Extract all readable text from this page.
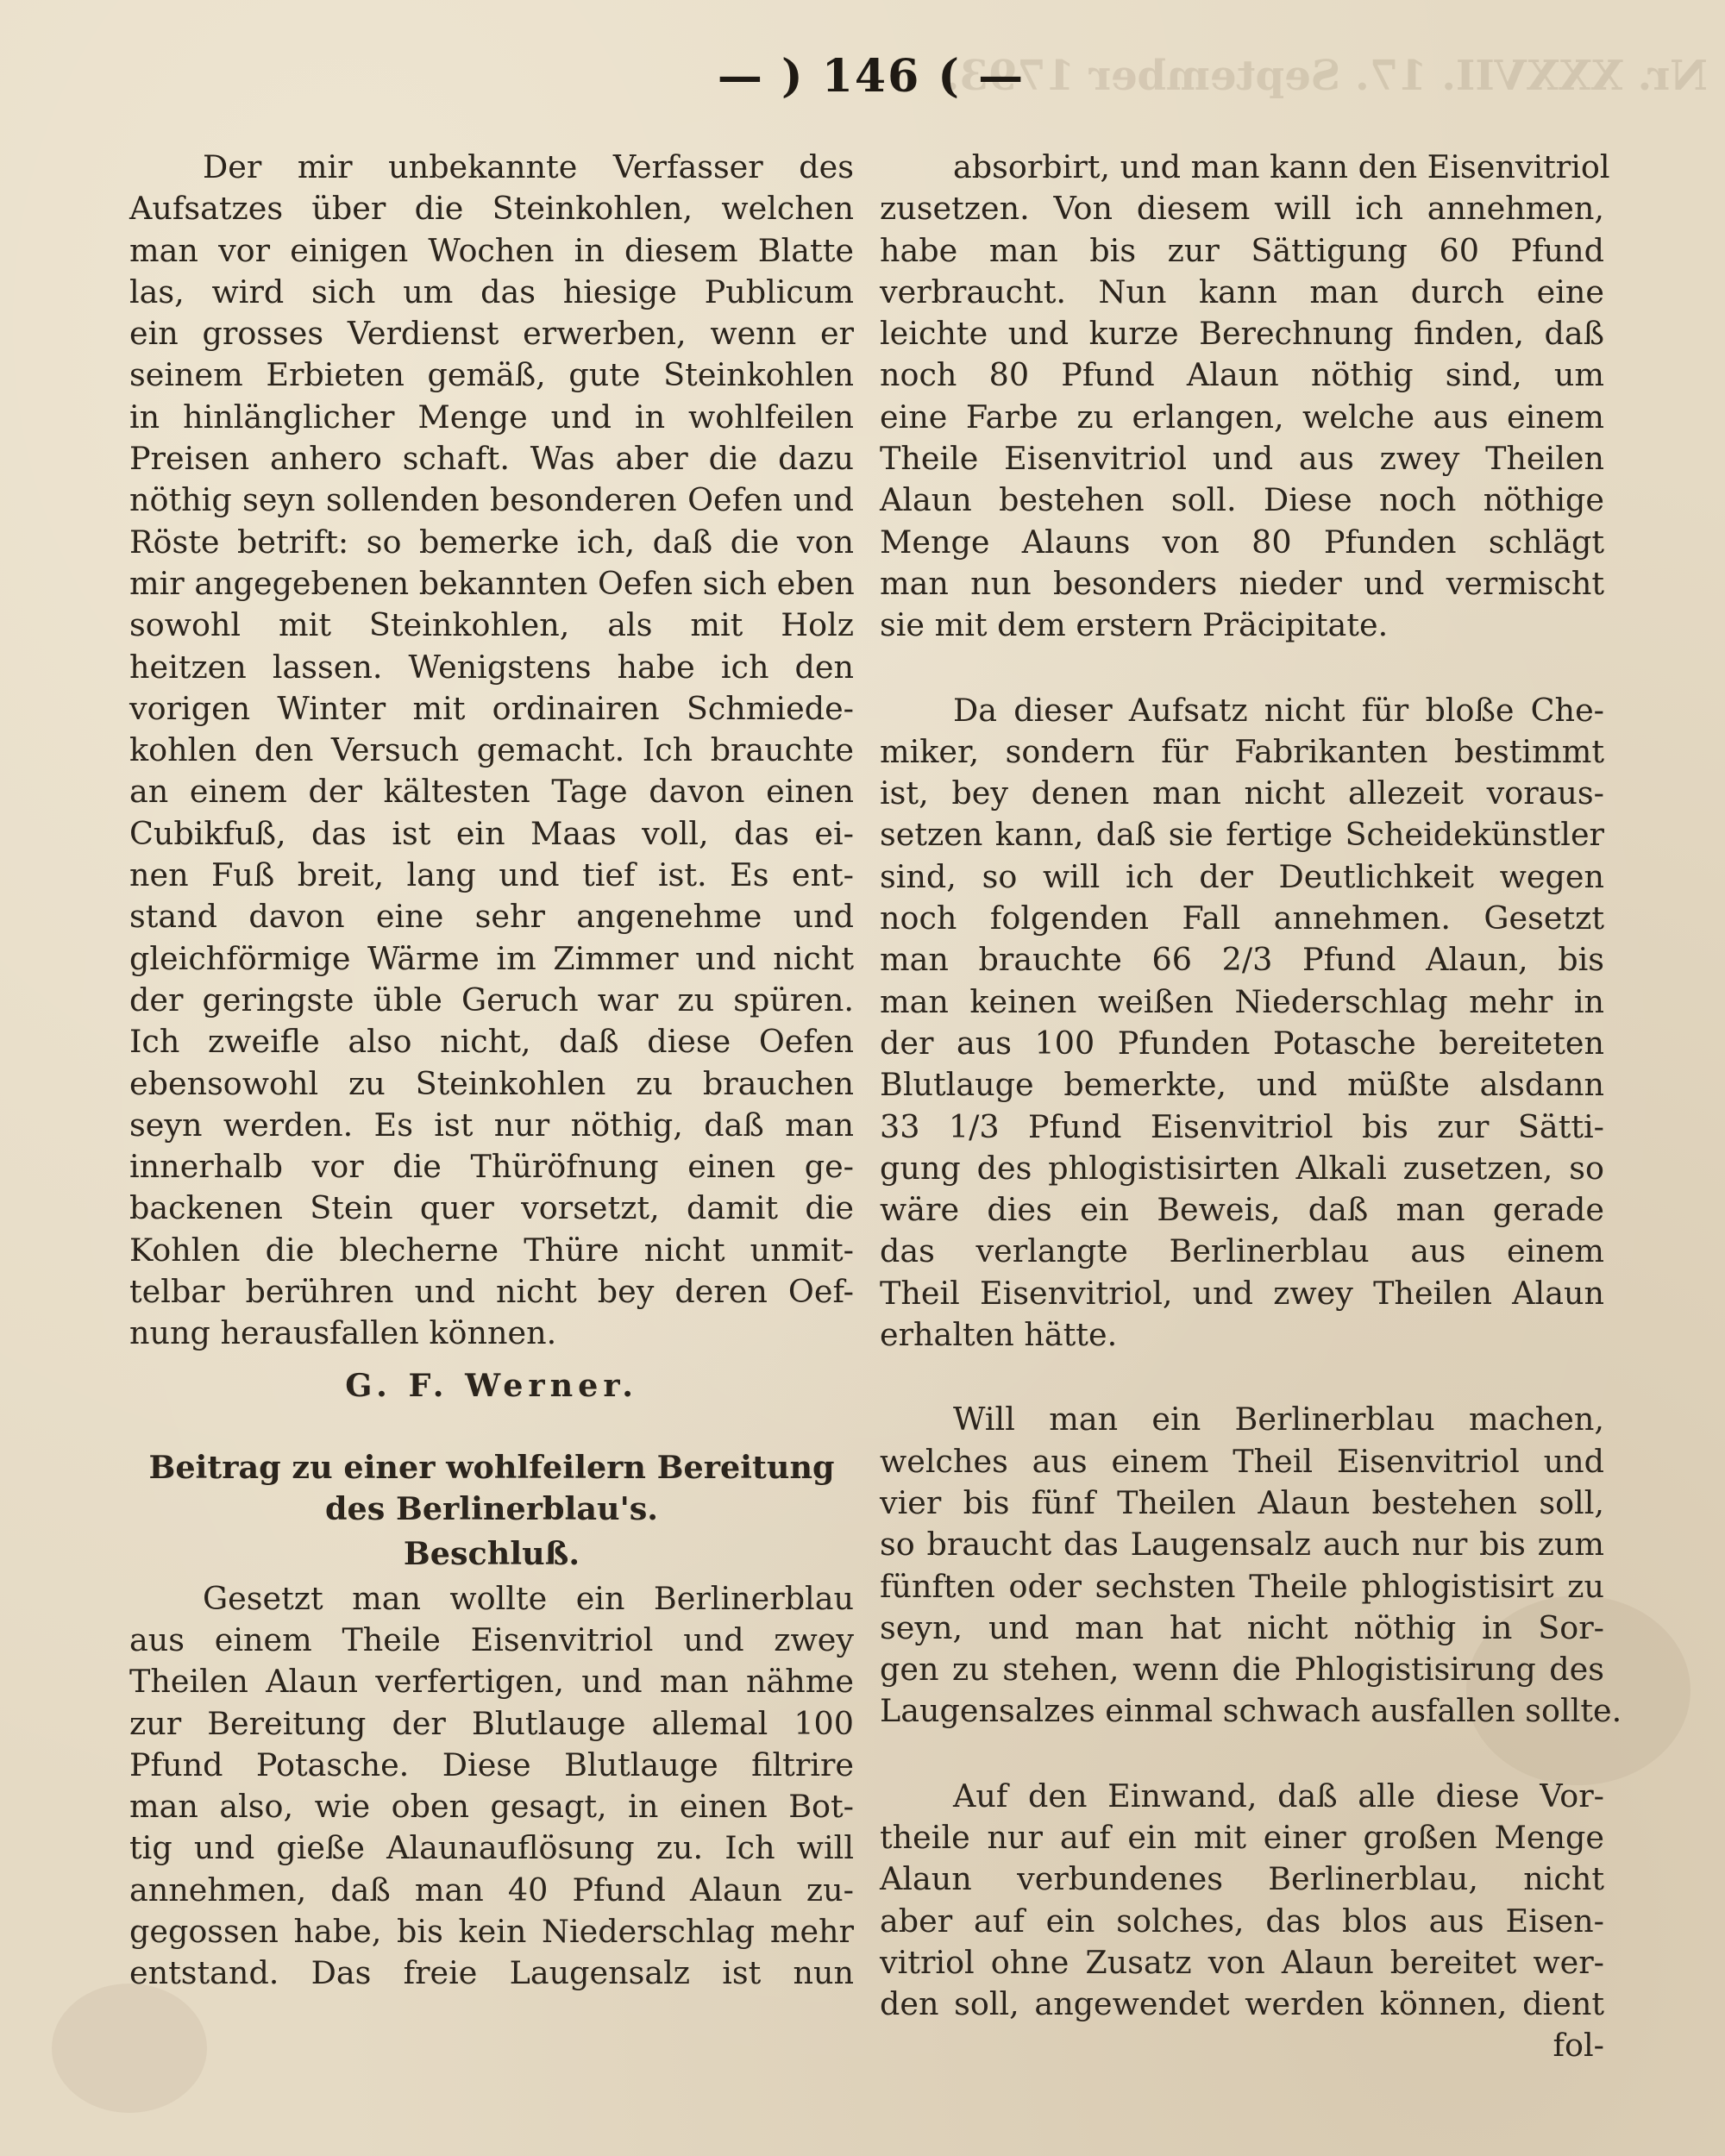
Nr. XXXVII. 17. September 1793.
— ) 146 ( —
Der mir unbekannte Verfasser des
Aufsatzes über die Steinkohlen, welchen
man vor einigen Wochen in diesem Blatte
las, wird sich um das hiesige Publicum
ein grosses Verdienst erwerben, wenn er
seinem Erbieten gemäß, gute Steinkohlen
in hinlänglicher Menge und in wohlfeilen
Preisen anhero schaft. Was aber die dazu
nöthig seyn sollenden besonderen Oefen und
Röste betrift: so bemerke ich, daß die von
mir angegebenen bekannten Oefen sich eben
sowohl mit Steinkohlen, als mit Holz
heitzen lassen. Wenigstens habe ich den
vorigen Winter mit ordinairen Schmiede-
kohlen den Versuch gemacht. Ich brauchte
an einem der kältesten Tage davon einen
Cubikfuß, das ist ein Maas voll, das ei-
nen Fuß breit, lang und tief ist. Es ent-
stand davon eine sehr angenehme und
gleichförmige Wärme im Zimmer und nicht
der geringste üble Geruch war zu spüren.
Ich zweifle also nicht, daß diese Oefen
ebensowohl zu Steinkohlen zu brauchen
seyn werden. Es ist nur nöthig, daß man
innerhalb vor die Thüröfnung einen ge-
backenen Stein quer vorsetzt, damit die
Kohlen die blecherne Thüre nicht unmit-
telbar berühren und nicht bey deren Oef-
nung herausfallen können.
G. F. Werner.
Beitrag zu einer wohlfeilern Bereitung
des Berlinerblau's.
Beschluß.
Gesetzt man wollte ein Berlinerblau
aus einem Theile Eisenvitriol und zwey
Theilen Alaun verfertigen, und man nähme
zur Bereitung der Blutlauge allemal 100
Pfund Potasche. Diese Blutlauge filtrire
man also, wie oben gesagt, in einen Bot-
tig und gieße Alaunauflösung zu. Ich will
annehmen, daß man 40 Pfund Alaun zu-
gegossen habe, bis kein Niederschlag mehr
entstand. Das freie Laugensalz ist nun
absorbirt, und man kann den Eisenvitriol
zusetzen. Von diesem will ich annehmen,
habe man bis zur Sättigung 60 Pfund
verbraucht. Nun kann man durch eine
leichte und kurze Berechnung finden, daß
noch 80 Pfund Alaun nöthig sind, um
eine Farbe zu erlangen, welche aus einem
Theile Eisenvitriol und aus zwey Theilen
Alaun bestehen soll. Diese noch nöthige
Menge Alauns von 80 Pfunden schlägt
man nun besonders nieder und vermischt
sie mit dem erstern Präcipitate.
Da dieser Aufsatz nicht für bloße Che-
miker, sondern für Fabrikanten bestimmt
ist, bey denen man nicht allezeit voraus-
setzen kann, daß sie fertige Scheidekünstler
sind, so will ich der Deutlichkeit wegen
noch folgenden Fall annehmen. Gesetzt
man brauchte 66 2/3 Pfund Alaun, bis
man keinen weißen Niederschlag mehr in
der aus 100 Pfunden Potasche bereiteten
Blutlauge bemerkte, und müßte alsdann
33 1/3 Pfund Eisenvitriol bis zur Sätti-
gung des phlogistisirten Alkali zusetzen, so
wäre dies ein Beweis, daß man gerade
das verlangte Berlinerblau aus einem
Theil Eisenvitriol, und zwey Theilen Alaun
erhalten hätte.
Will man ein Berlinerblau machen,
welches aus einem Theil Eisenvitriol und
vier bis fünf Theilen Alaun bestehen soll,
so braucht das Laugensalz auch nur bis zum
fünften oder sechsten Theile phlogistisirt zu
seyn, und man hat nicht nöthig in Sor-
gen zu stehen, wenn die Phlogistisirung des
Laugensalzes einmal schwach ausfallen sollte.
Auf den Einwand, daß alle diese Vor-
theile nur auf ein mit einer großen Menge
Alaun verbundenes Berlinerblau, nicht
aber auf ein solches, das blos aus Eisen-
vitriol ohne Zusatz von Alaun bereitet wer-
den soll, angewendet werden können, dient
fol-
